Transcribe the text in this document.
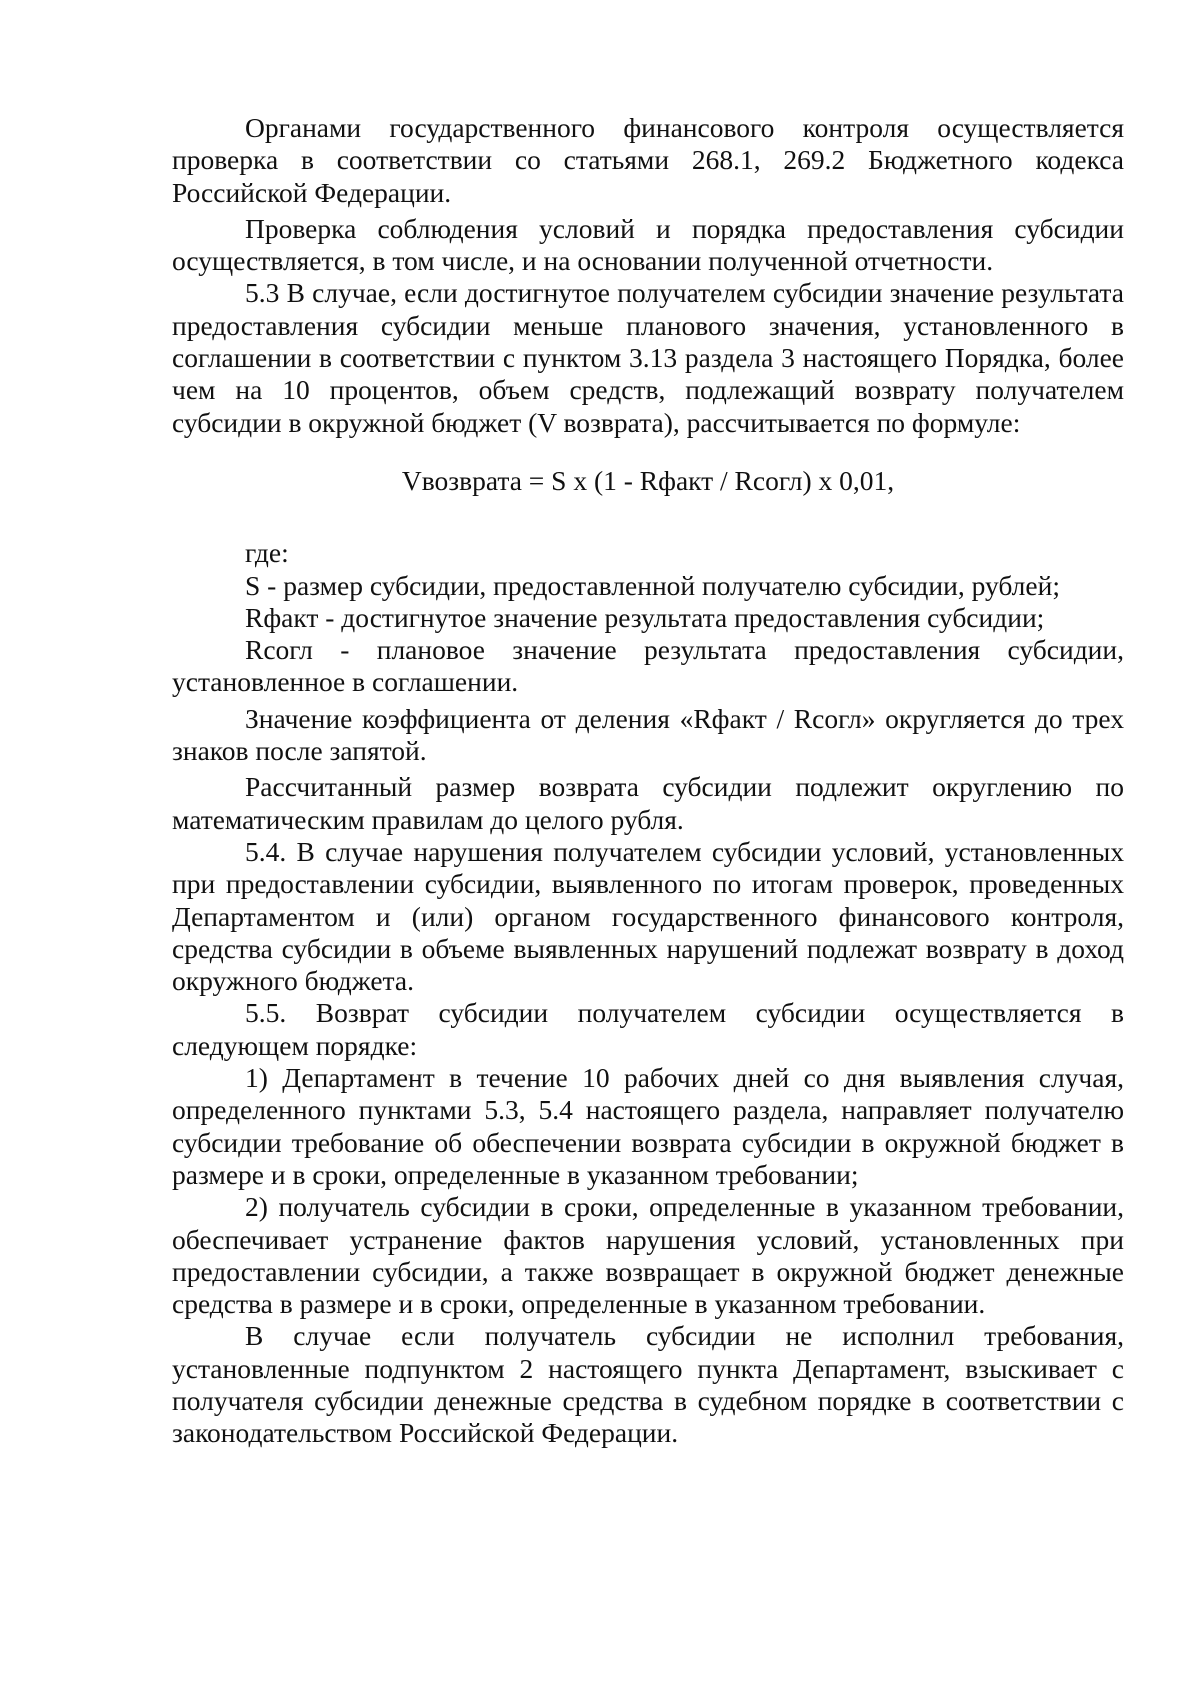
Органами государственного финансового контроля осуществляется проверка в соответствии со статьями 268.1, 269.2 Бюджетного кодекса Российской Федерации.

Проверка соблюдения условий и порядка предоставления субсидии осуществляется, в том числе, и на основании полученной отчетности.

5.3 В случае, если достигнутое получателем субсидии значение результата предоставления субсидии меньше планового значения, установленного в соглашении в соответствии с пунктом 3.13 раздела 3 настоящего Порядка, более чем на 10 процентов, объем средств, подлежащий возврату получателем субсидии в окружной бюджет (V возврата), рассчитывается по формуле:

Vвозврата = S x (1 - Rфакт / Rсогл) x 0,01,

где:

S - размер субсидии, предоставленной получателю субсидии, рублей;

Rфакт - достигнутое значение результата предоставления субсидии;

Rсогл - плановое значение результата предоставления субсидии, установленное в соглашении.

Значение коэффициента от деления «Rфакт / Rсогл» округляется до трех знаков после запятой.

Рассчитанный размер возврата субсидии подлежит округлению по математическим правилам до целого рубля.

5.4. В случае нарушения получателем субсидии условий, установленных при предоставлении субсидии, выявленного по итогам проверок, проведенных Департаментом и (или) органом государственного финансового контроля, средства субсидии в объеме выявленных нарушений подлежат возврату в доход окружного бюджета.

5.5. Возврат субсидии получателем субсидии осуществляется в следующем порядке:

1) Департамент в течение 10 рабочих дней со дня выявления случая, определенного пунктами 5.3, 5.4 настоящего раздела, направляет получателю субсидии требование об обеспечении возврата субсидии в окружной бюджет в размере и в сроки, определенные в указанном требовании;

2) получатель субсидии в сроки, определенные в указанном требовании, обеспечивает устранение фактов нарушения условий, установленных при предоставлении субсидии, а также возвращает в окружной бюджет денежные средства в размере и в сроки, определенные в указанном требовании.

В случае если получатель субсидии не исполнил требования, установленные подпунктом 2 настоящего пункта Департамент, взыскивает с получателя субсидии денежные средства в судебном порядке в соответствии с законодательством Российской Федерации.
